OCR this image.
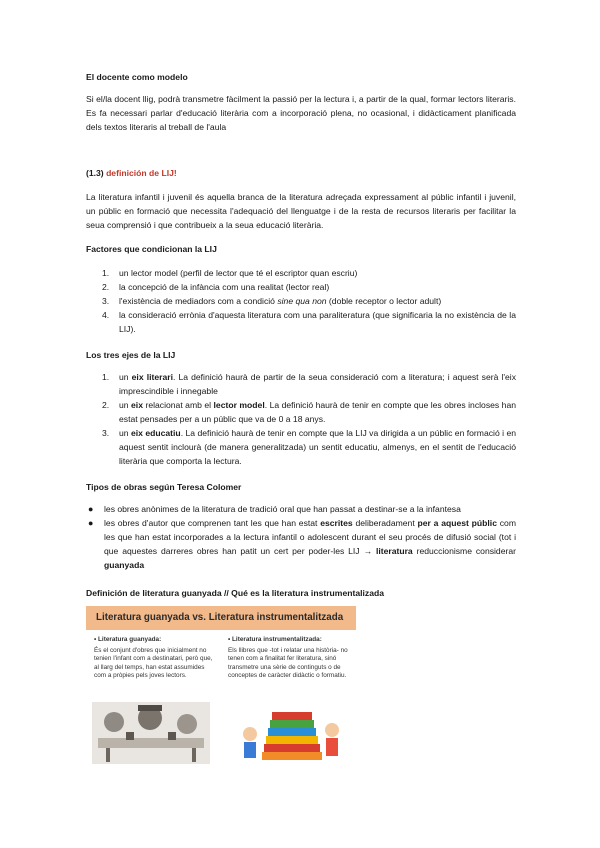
El docente como modelo
Si el/la docent llig, podrà transmetre fàcilment la passió per la lectura i, a partir de la qual, formar lectors literaris. Es fa necessari parlar d'educació literària com a incorporació plena, no ocasional, i didàcticament planificada dels textos literaris al treball de l'aula
(1.3) definición de LIJ!
La literatura infantil i juvenil és aquella branca de la literatura adreçada expressament al públic infantil i juvenil, un públic en formació que necessita l'adequació del llenguatge i de la resta de recursos literaris per facilitar la seua comprensió i que contribueix a la seua educació literària.
Factores que condicionan la LIJ
1. un lector model (perfil de lector que té el escriptor quan escriu)
2. la concepció de la infància com una realitat (lector real)
3. l'existència de mediadors com a condició sine qua non (doble receptor o lector adult)
4. la consideració errònia d'aquesta literatura com una paraliteratura (que significaria la no existència de la LIJ).
Los tres ejes de la LIJ
1. un eix literari. La definició haurà de partir de la seua consideració com a literatura; i aquest serà l'eix imprescindible i innegable
2. un eix relacionat amb el lector model. La definició haurà de tenir en compte que les obres incloses han estat pensades per a un públic que va de 0 a 18 anys.
3. un eix educatiu. La definició haurà de tenir en compte que la LIJ va dirigida a un públic en formació i en aquest sentit inclourà (de manera generalitzada) un sentit educatiu, almenys, en el sentit de l'educació literària que comporta la lectura.
Tipos de obras según Teresa Colomer
● les obres anònimes de la literatura de tradició oral que han passat a destinar-se a la infantesa
● les obres d'autor que comprenen tant les que han estat escrites deliberadament per a aquest públic com les que han estat incorporades a la lectura infantil o adolescent durant el seu procés de difusió social (tot i que aquestes darreres obres han patit un cert per poder-les LIJ → literatura reduccionisme considerar guanyada
Definición de literatura guanyada // Qué es la literatura instrumentalizada
Literatura guanyada vs. Literatura instrumentalitzada
• Literatura guanyada:
És el conjunt d'obres que inicialment no tenien l'infant com a destinatari, però que, al llarg del temps, han estat assumides com a pròpies pels joves lectors.
• Literatura instrumentalitzada:
Els llibres que -tot i relatar una història- no tenen com a finalitat fer literatura, sinó transmetre una sèrie de continguts o de conceptes de caràcter didàctic o formatiu.
